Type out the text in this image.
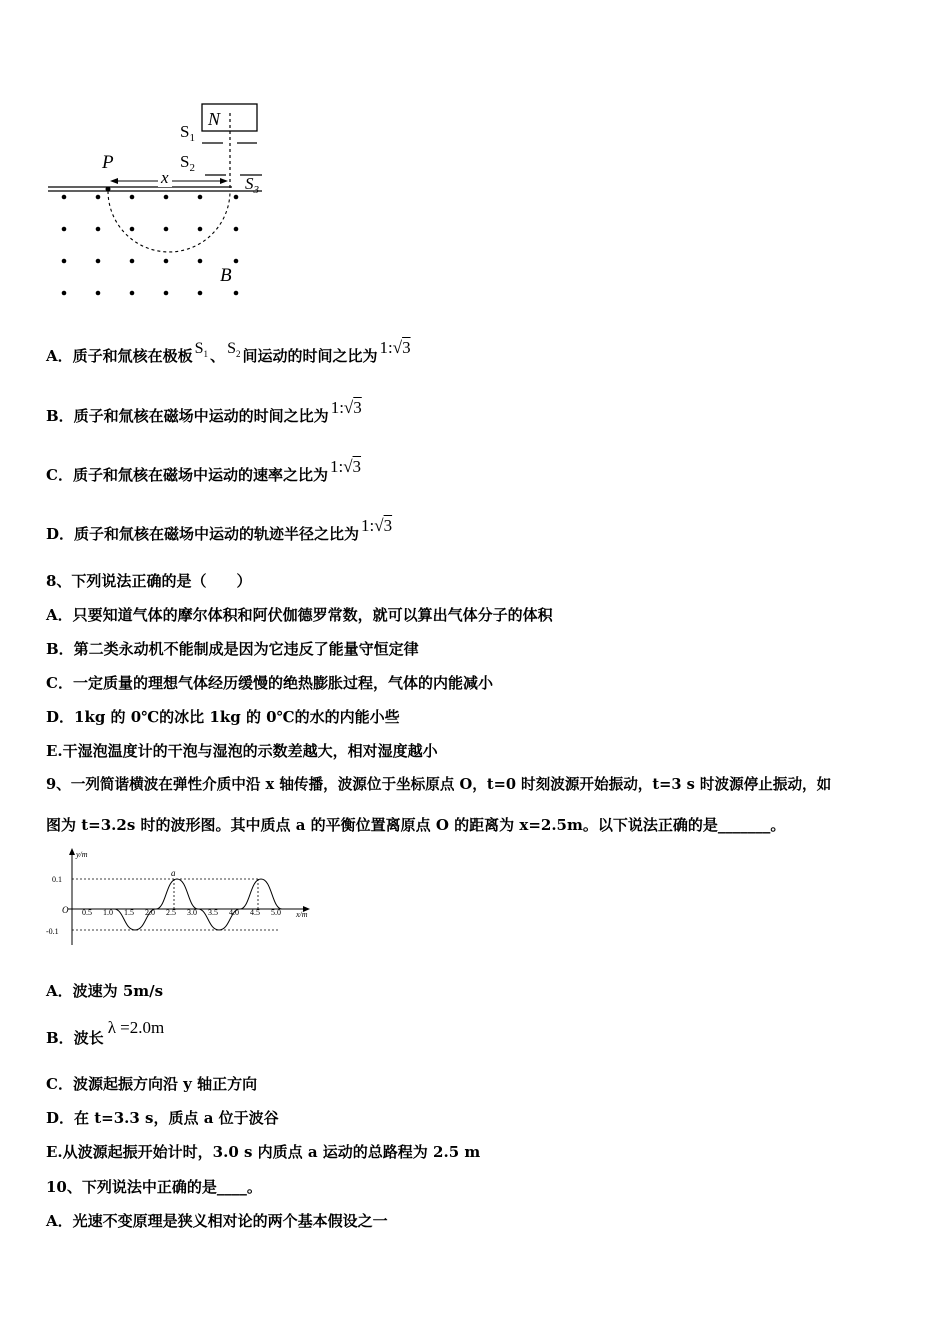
N
$S_1$
$S_2$
$S_3$
P
x
B
A．质子和氚核在极板 $S_1$ 、 $S_2$ 间运动的时间之比为 1:√3
B．质子和氚核在磁场中运动的时间之比为 1:√3
C．质子和氚核在磁场中运动的速率之比为 1:√3
D．质子和氚核在磁场中运动的轨迹半径之比为 1:√3
8、下列说法正确的是（　　）
A．只要知道气体的摩尔体积和阿伏伽德罗常数，就可以算出气体分子的体积
B．第二类永动机不能制成是因为它违反了能量守恒定律
C．一定质量的理想气体经历缓慢的绝热膨胀过程，气体的内能减小
D．1kg 的 0℃的冰比 1kg 的 0℃的水的内能小些
E.干湿泡温度计的干泡与湿泡的示数差越大，相对湿度越小
9、一列简谐横波在弹性介质中沿 x 轴传播，波源位于坐标原点 O，t=0 时刻波源开始振动，t=3 s 时波源停止振动，如
图为 t=3.2s 时的波形图。其中质点 a 的平衡位置离原点 O 的距离为 x=2.5m。以下说法正确的是_______。
y/m
x/m
O
0.1
-0.1
0.5 1.0 1.5 2.0 2.5 3.0 3.5 4.0 4.5 5.0
a
A．波速为 5m/s
B．波长λ =2.0m
C．波源起振方向沿 y 轴正方向
D．在 t=3.3 s，质点 a 位于波谷
E.从波源起振开始计时，3.0 s 内质点 a 运动的总路程为 2.5 m
10、下列说法中正确的是____。
A．光速不变原理是狭义相对论的两个基本假设之一
